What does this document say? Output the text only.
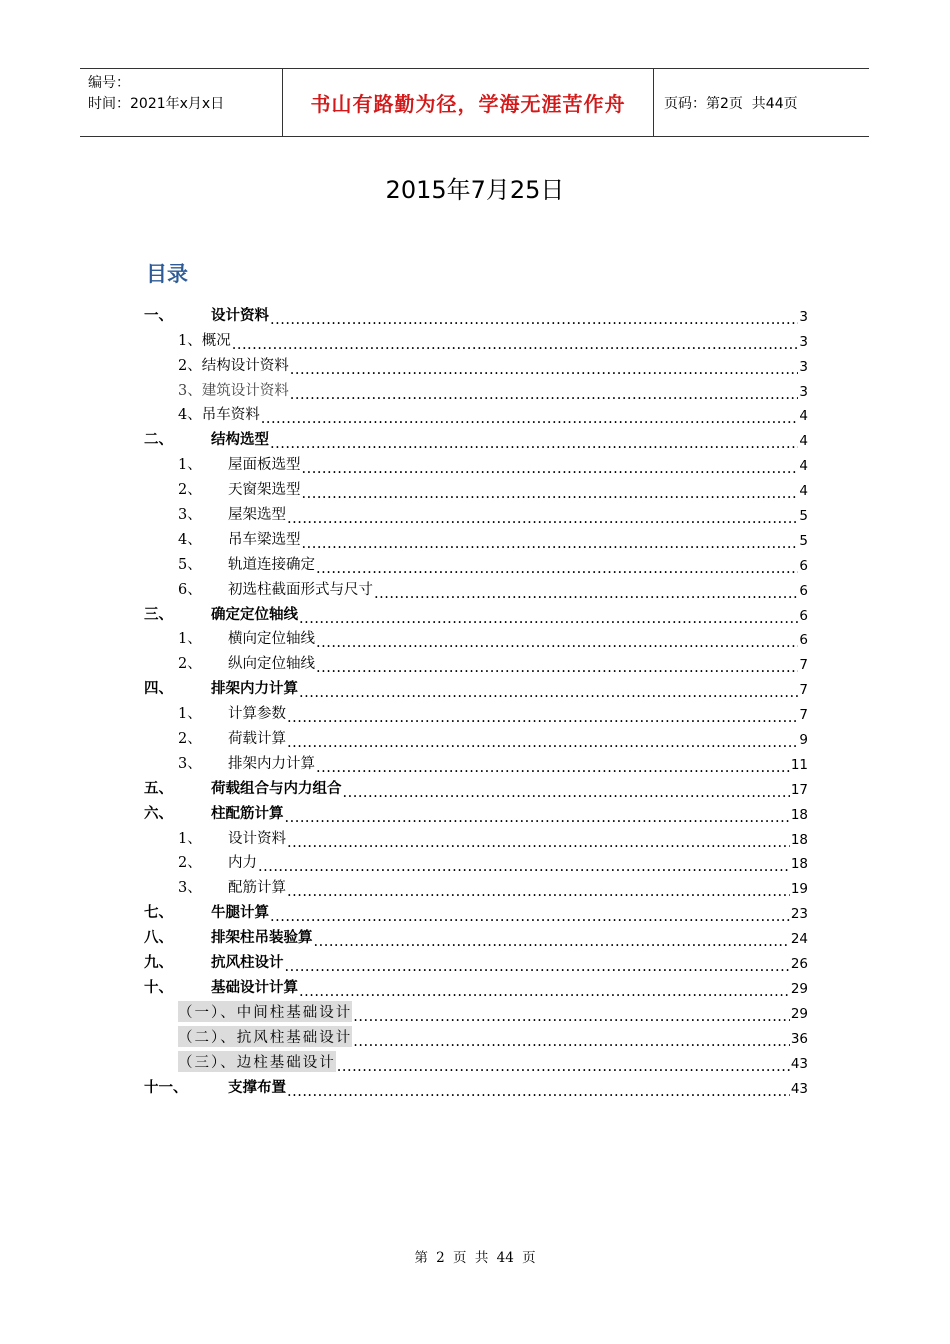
编号：
时间：2021年x月x日	书山有路勤为径，学海无涯苦作舟	页码：第2页  共44页
2015年7月25日
目录
一、	设计资料 .....	3
1、 概况 .....	3
2、 结构设计资料 .....	3
3、 建筑设计资料 .....	3
4、 吊车资料 .....	4
二、	结构选型 .....	4
1、	屋面板选型 .....	4
2、	天窗架选型 .....	4
3、	屋架选型 .....	5
4、	吊车梁选型 .....	5
5、	轨道连接确定 .....	6
6、	初选柱截面形式与尺寸 .....	6
三、	确定定位轴线 .....	6
1、	横向定位轴线 .....	6
2、	纵向定位轴线 .....	7
四、	排架内力计算 .....	7
1、	计算参数 .....	7
2、	荷载计算 .....	9
3、	排架内力计算 .....	11
五、	荷载组合与内力组合 .....	17
六、	柱配筋计算 .....	18
1、	设计资料 .....	18
2、	内力 .....	18
3、	配筋计算 .....	19
七、	牛腿计算 .....	23
八、	排架柱吊装验算 .....	24
九、	抗风柱设计 .....	26
十、	基础设计计算 .....	29
（一）、中间柱基础设计 .....	29
（二）、抗风柱基础设计 .....	36
（三）、边柱基础设计 .....	43
十一、	支撑布置 .....	43
第 2 页 共 44 页
